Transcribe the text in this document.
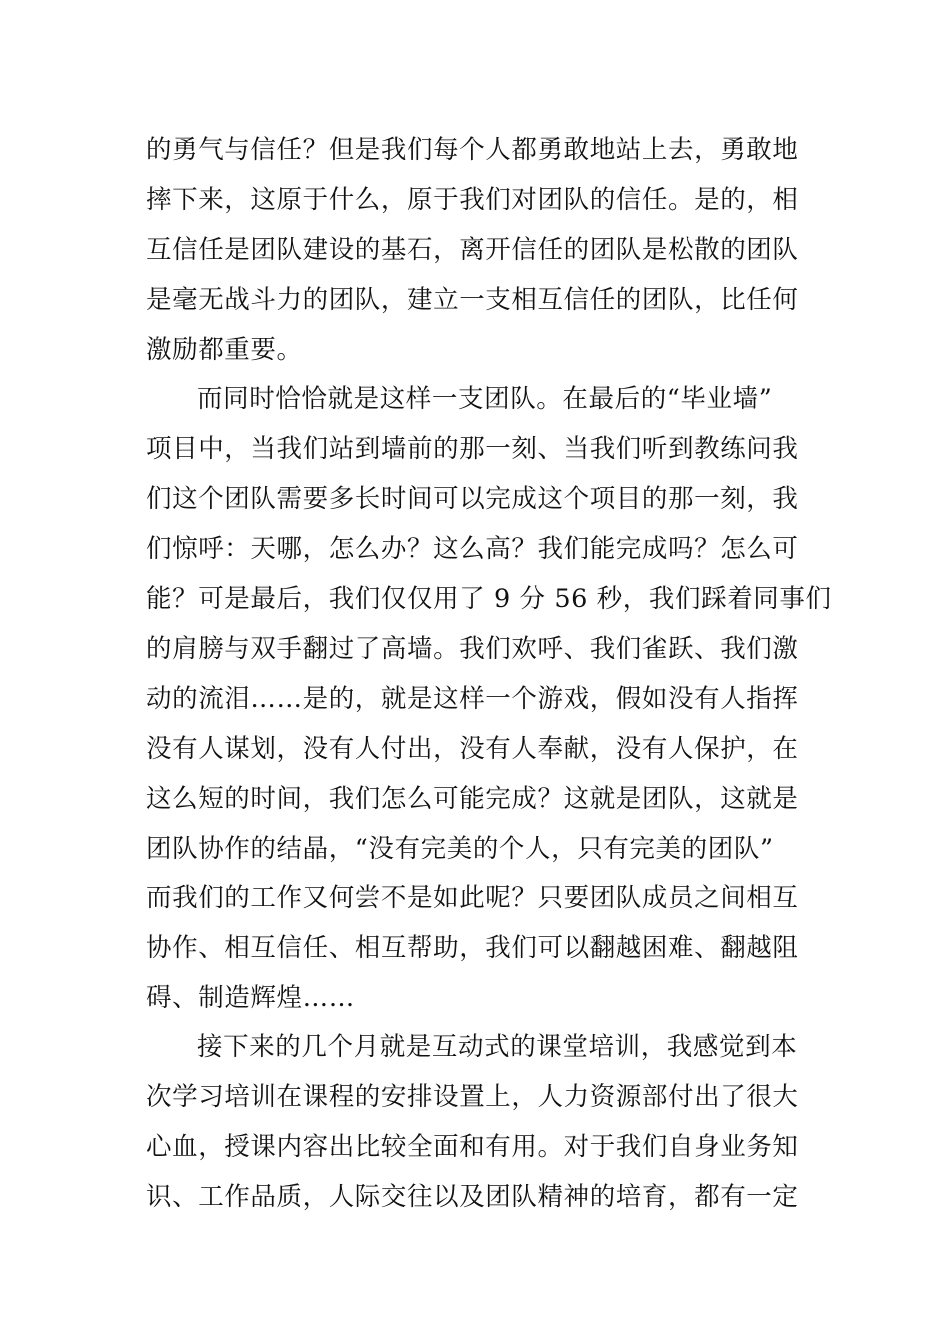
的勇气与信任？但是我们每个人都勇敢地站上去，勇敢地
摔下来，这原于什么，原于我们对团队的信任。是的，相
互信任是团队建设的基石，离开信任的团队是松散的团队
是毫无战斗力的团队，建立一支相互信任的团队，比任何
激励都重要。
而同时恰恰就是这样一支团队。在最后的“毕业墙”
项目中，当我们站到墙前的那一刻、当我们听到教练问我
们这个团队需要多长时间可以完成这个项目的那一刻，我
们惊呼：天哪，怎么办？这么高？我们能完成吗？怎么可
能？可是最后，我们仅仅用了 9 分 56 秒，我们踩着同事们
的肩膀与双手翻过了高墙。我们欢呼、我们雀跃、我们激
动的流泪……是的，就是这样一个游戏，假如没有人指挥
没有人谋划，没有人付出，没有人奉献，没有人保护，在
这么短的时间，我们怎么可能完成？这就是团队，这就是
团队协作的结晶，“没有完美的个人，只有完美的团队”
而我们的工作又何尝不是如此呢？只要团队成员之间相互
协作、相互信任、相互帮助，我们可以翻越困难、翻越阻
碍、制造辉煌……
接下来的几个月就是互动式的课堂培训，我感觉到本
次学习培训在课程的安排设置上，人力资源部付出了很大
心血，授课内容出比较全面和有用。对于我们自身业务知
识、工作品质，人际交往以及团队精神的培育，都有一定
